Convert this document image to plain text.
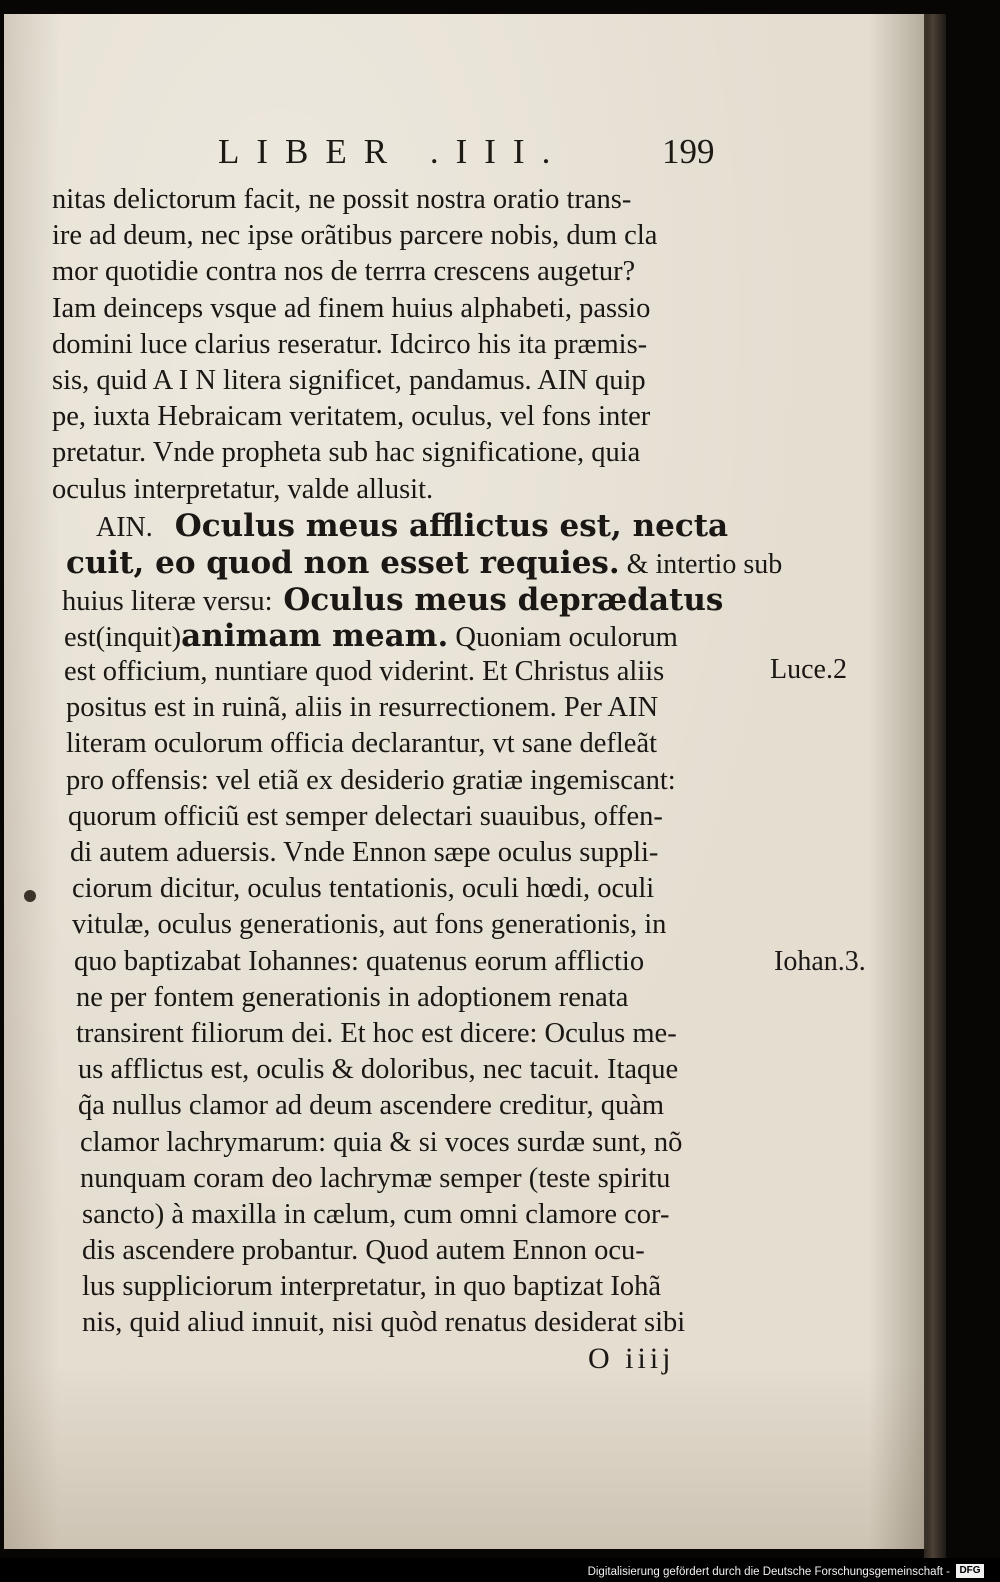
LIBER .III.	199
nitas delictorum facit, ne possit nostra oratio trans-
ire ad deum, nec ipse orãtibus parcere nobis, dum cla
mor quotidie contra nos de terrra crescens augetur?
Iam deinceps vsque ad finem huius alphabeti, passio
domini luce clarius reseratur. Idcirco his ita præmis-
sis, quid A I N litera significet, pandamus. AIN quip
pe, iuxta Hebraicam veritatem, oculus, vel fons inter
pretatur. Vnde propheta sub hac significatione, quia
oculus interpretatur, valde allusit.
AIN. Oculus meus afflictus est, necta
cuit, eo quod non esset requies. & intertio sub
huius literæ versu: Oculus meus deprædatus
est(inquit)animam meam. Quoniam oculorum
est officium, nuntiare quod viderint. Et Christus aliis
positus est in ruinã, aliis in resurrectionem. Per AIN
literam oculorum officia declarantur, vt sane defleãt
pro offensis: vel etiã ex desiderio gratiæ ingemiscant:
quorum officiũ est semper delectari suauibus, offen-
di autem aduersis. Vnde Ennon sæpe oculus suppli-
ciorum dicitur, oculus tentationis, oculi hœdi, oculi
vitulæ, oculus generationis, aut fons generationis, in
quo baptizabat Iohannes: quatenus eorum afflictio
ne per fontem generationis in adoptionem renata
transirent filiorum dei. Et hoc est dicere: Oculus me-
us afflictus est, oculis & doloribus, nec tacuit. Itaque
q̃a nullus clamor ad deum ascendere creditur, quàm
clamor lachrymarum: quia & si voces surdæ sunt, nõ
nunquam coram deo lachrymæ semper (teste spiritu
sancto) à maxilla in cælum, cum omni clamore cor-
dis ascendere probantur. Quod autem Ennon ocu-
lus suppliciorum interpretatur, in quo baptizat Iohã
nis, quid aliud innuit, nisi quòd renatus desiderat sibi
Luce.2
Iohan.3.
O iiij
Digitalisierung gefördert durch die Deutsche Forschungsgemeinschaft - DFG
